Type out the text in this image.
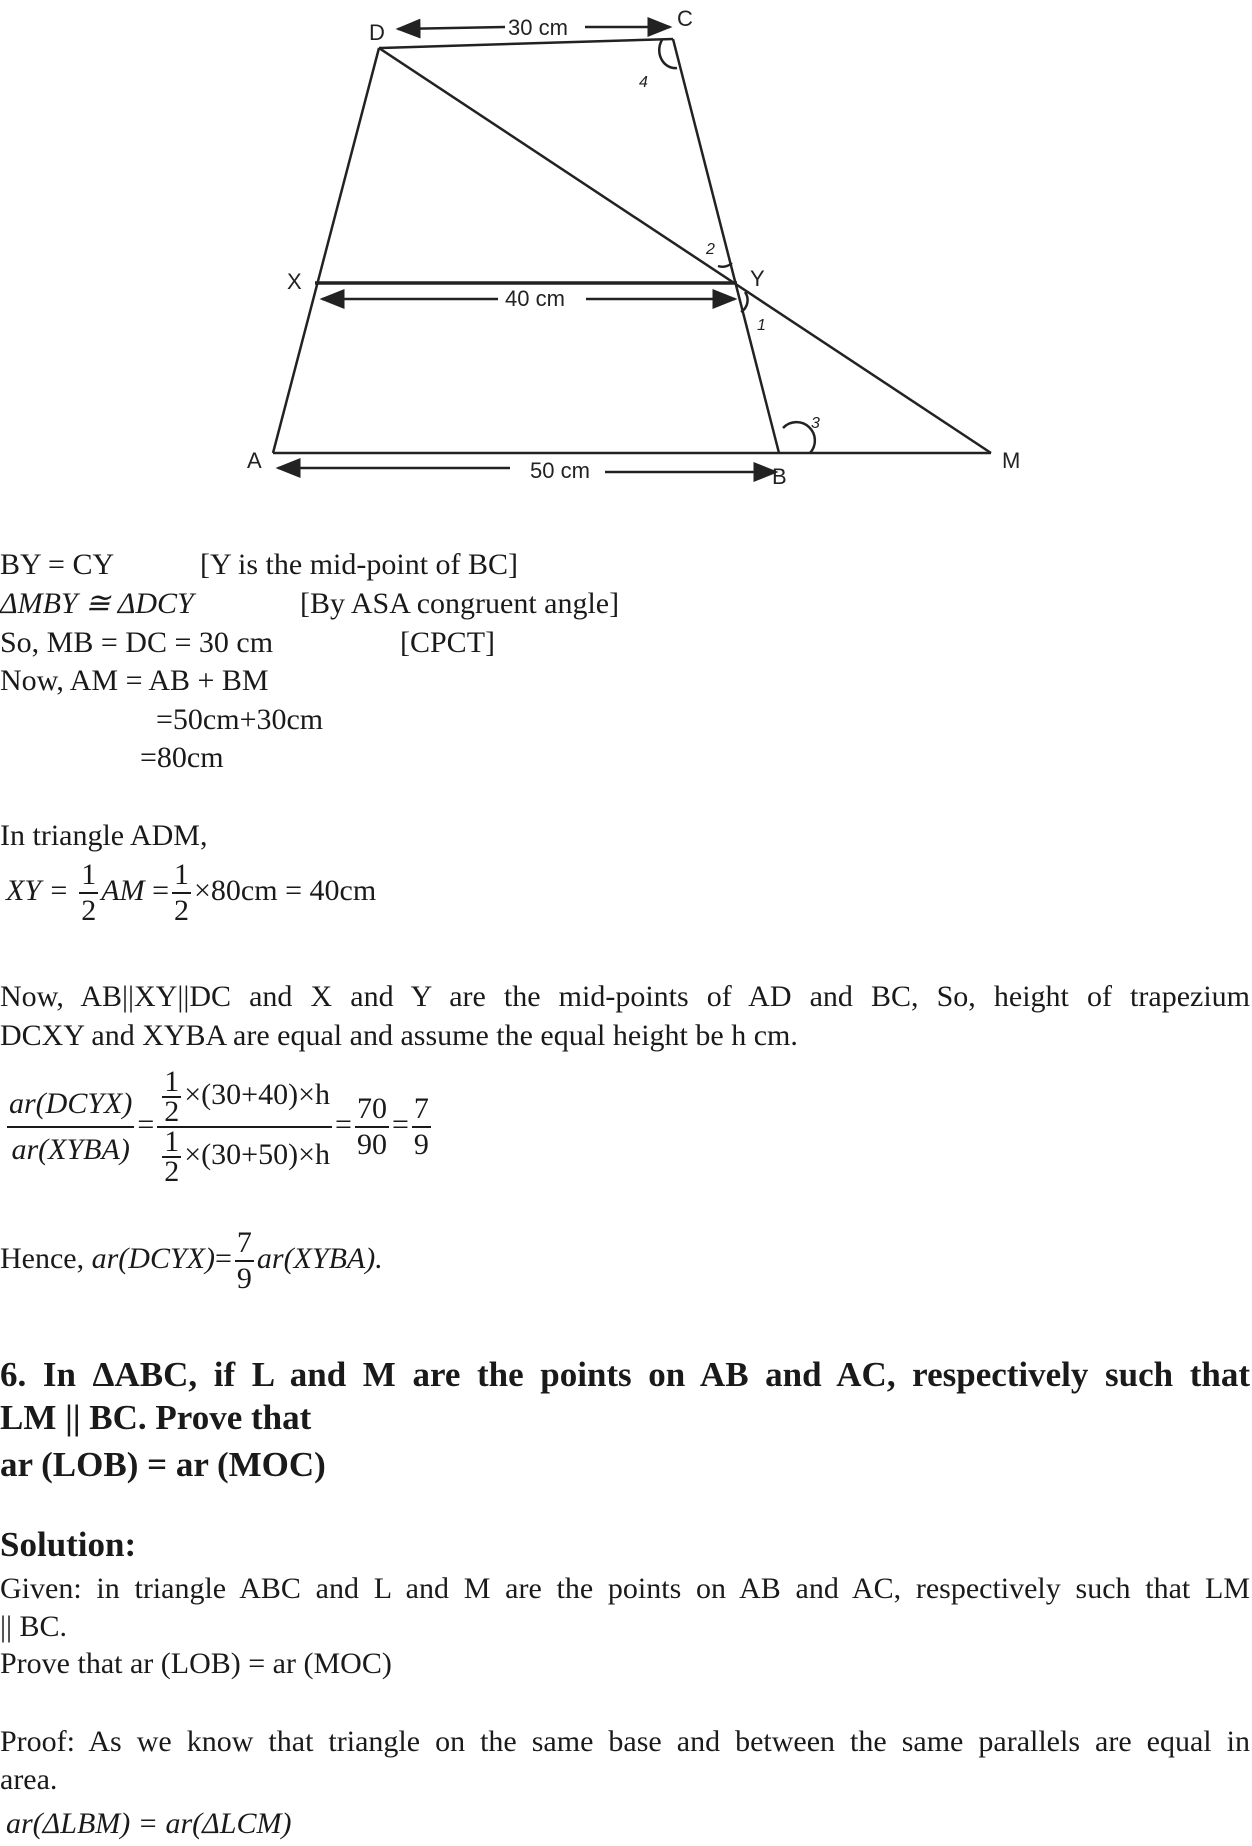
D
C
X	Y
A
B
M
30 cm
40 cm
50 cm
1
2
3
4
BY = CY	[Y is the mid-point of BC]
ΔMBY ≅ ΔDCY	[By ASA congruent angle]
So, MB = DC = 30 cm	[CPCT]
Now, AM = AB + BM
=50cm+30cm
=80cm
In triangle ADM,
XY = $\frac{1}{2}$ AM = $\frac{1}{2} \times 80cm = 40cm$
Now, AB||XY||DC and X and Y are the mid-points of AD and BC, So, height of trapezium
DCXY and XYBA are equal and assume the equal height be h cm.
$\frac{\text{ar(DCYX)}}{\text{ar(XYBA)}} = \frac{\frac{1}{2} \times(30+40)\times h}{\frac{1}{2} \times(30+50)\times h} = \frac{70}{90} = \frac{7}{9}$
Hence, ar(DCYX)= $\frac{7}{9}$ ar(XYBA).
6. In ΔABC, if L and M are the points on AB and AC, respectively such that
LM || BC. Prove that
ar (LOB) = ar (MOC)
Solution:
Given: in triangle ABC and L and M are the points on AB and AC, respectively such that LM
|| BC.
Prove that ar (LOB) = ar (MOC)
Proof: As we know that triangle on the same base and between the same parallels are equal in
area.
ar(ΔLBM) = ar(ΔLCM)
